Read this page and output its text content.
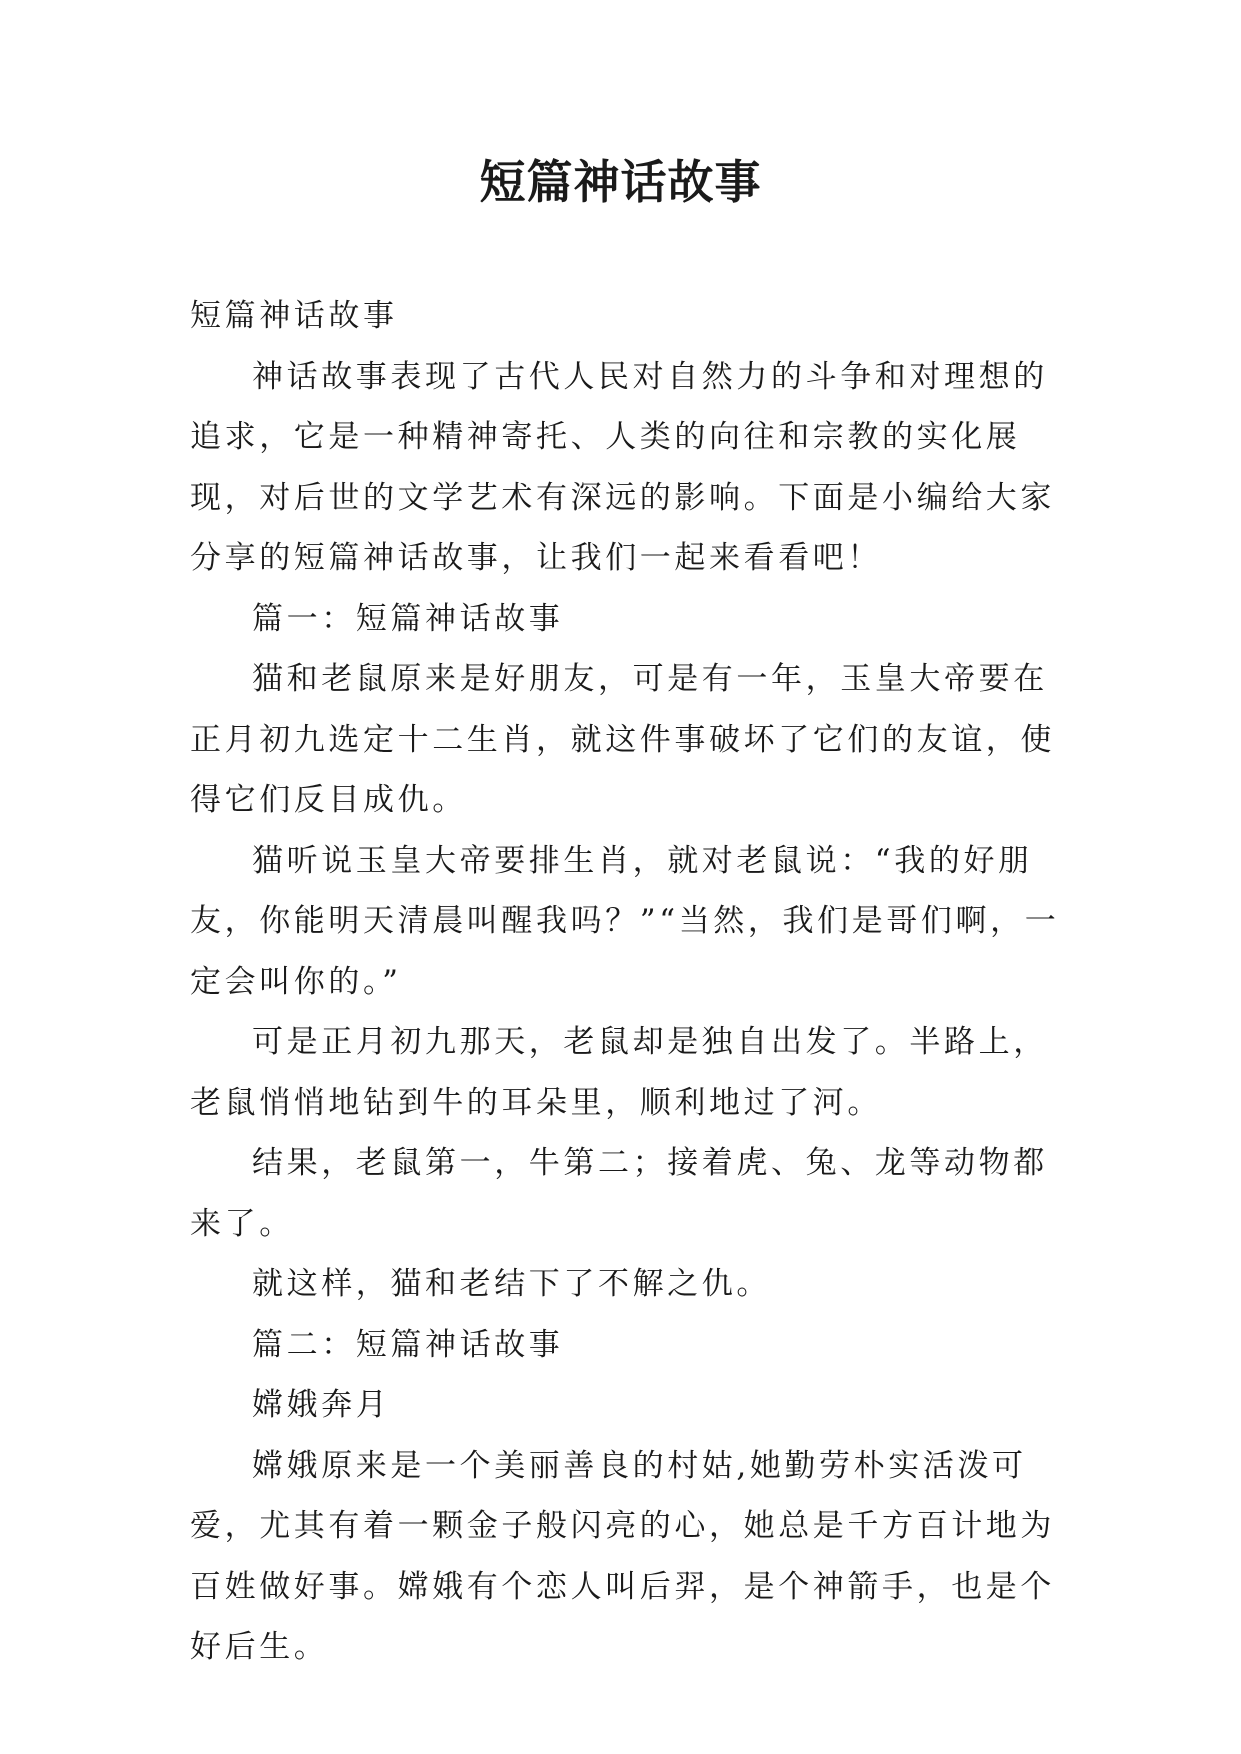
短篇神话故事

短篇神话故事

神话故事表现了古代人民对自然力的斗争和对理想的追求，它是一种精神寄托、人类的向往和宗教的实化展现，对后世的文学艺术有深远的影响。下面是小编给大家分享的短篇神话故事，让我们一起来看看吧！

篇一：短篇神话故事

猫和老鼠原来是好朋友，可是有一年，玉皇大帝要在正月初九选定十二生肖，就这件事破坏了它们的友谊，使得它们反目成仇。

猫听说玉皇大帝要排生肖，就对老鼠说：“我的好朋友，你能明天清晨叫醒我吗？”“当然，我们是哥们啊，一定会叫你的。”

可是正月初九那天，老鼠却是独自出发了。半路上，老鼠悄悄地钻到牛的耳朵里，顺利地过了河。

结果，老鼠第一，牛第二；接着虎、兔、龙等动物都来了。

就这样，猫和老结下了不解之仇。

篇二：短篇神话故事

嫦娥奔月

嫦娥原来是一个美丽善良的村姑,她勤劳朴实活泼可爱，尤其有着一颗金子般闪亮的心，她总是千方百计地为百姓做好事。嫦娥有个恋人叫后羿，是个神箭手，也是个好后生。
